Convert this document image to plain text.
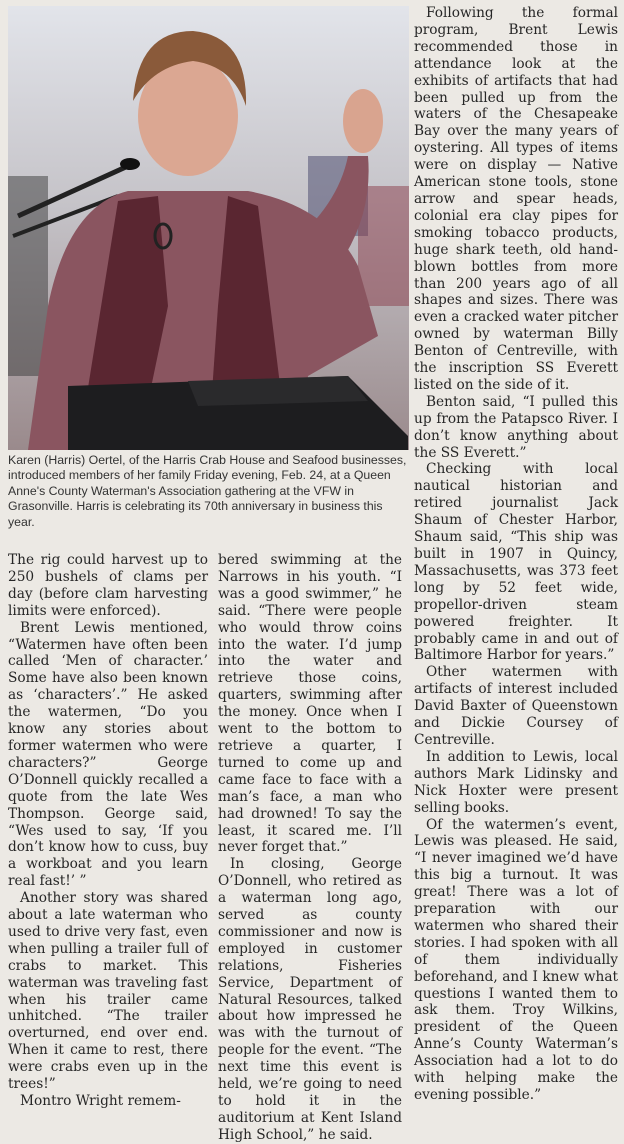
Karen (Harris) Oertel, of the Harris Crab House and Seafood businesses, introduced members of her family Friday evening, Feb. 24, at a Queen Anne's County Waterman's Association gathering at the VFW in Grasonville. Harris is celebrating its 70th anniversary in business this year.

The rig could harvest up to 250 bushels of clams per day (before clam harvesting limits were enforced).

Brent Lewis mentioned, “Watermen have often been called ‘Men of character.’ Some have also been known as ‘characters’.” He asked the watermen, “Do you know any stories about former watermen who were characters?” George O’Donnell quickly recalled a quote from the late Wes Thompson. George said, “Wes used to say, ‘If you don’t know how to cuss, buy a workboat and you learn real fast!’ ”

Another story was shared about a late waterman who used to drive very fast, even when pulling a trailer full of crabs to market. This waterman was traveling fast when his trailer came unhitched. “The trailer overturned, end over end. When it came to rest, there were crabs even up in the trees!”

Montro Wright remem-

bered swimming at the Narrows in his youth. “I was a good swimmer,” he said. “There were people who would throw coins into the water. I’d jump into the water and retrieve those coins, quarters, swimming after the money. Once when I went to the bottom to retrieve a quarter, I turned to come up and came face to face with a man’s face, a man who had drowned! To say the least, it scared me. I’ll never forget that.”

In closing, George O’Donnell, who retired as a waterman long ago, served as county commissioner and now is employed in customer relations, Fisheries Service, Department of Natural Resources, talked about how impressed he was with the turnout of people for the event. “The next time this event is held, we’re going to need to hold it in the auditorium at Kent Island High School,” he said.

Following the formal program, Brent Lewis recommended those in attendance look at the exhibits of artifacts that had been pulled up from the waters of the Chesapeake Bay over the many years of oystering. All types of items were on display — Native American stone tools, stone arrow and spear heads, colonial era clay pipes for smoking tobacco products, huge shark teeth, old hand-blown bottles from more than 200 years ago of all shapes and sizes. There was even a cracked water pitcher owned by waterman Billy Benton of Centreville, with the inscription SS Everett listed on the side of it.

Benton said, “I pulled this up from the Patapsco River. I don’t know anything about the SS Everett.”

Checking with local nautical historian and retired journalist Jack Shaum of Chester Harbor, Shaum said, “This ship was built in 1907 in Quincy, Massachusetts, was 373 feet long by 52 feet wide, propellor-driven steam powered freighter. It probably came in and out of Baltimore Harbor for years.”

Other watermen with artifacts of interest included David Baxter of Queenstown and Dickie Coursey of Centreville.

In addition to Lewis, local authors Mark Lidinsky and Nick Hoxter were present selling books.

Of the watermen’s event, Lewis was pleased. He said, “I never imagined we’d have this big a turnout. It was great! There was a lot of preparation with our watermen who shared their stories. I had spoken with all of them individually beforehand, and I knew what questions I wanted them to ask them. Troy Wilkins, president of the Queen Anne’s County Waterman’s Association had a lot to do with helping make the evening possible.”
